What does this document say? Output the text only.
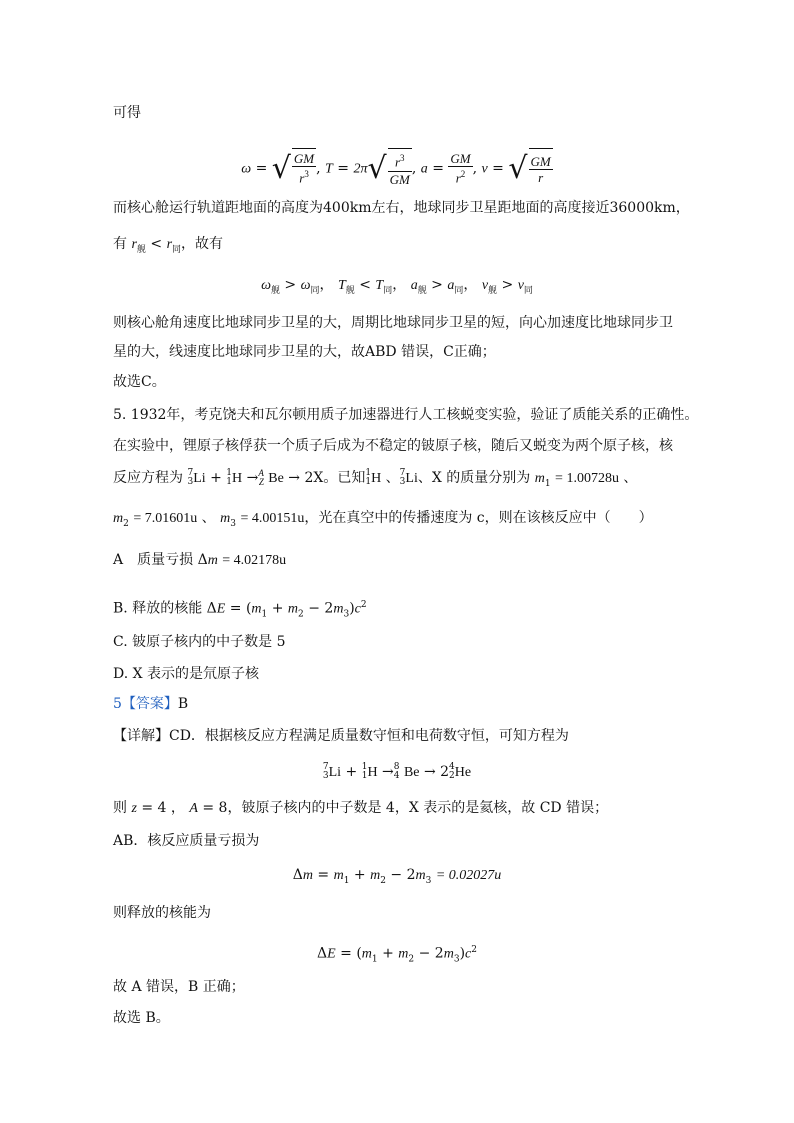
可得
ω = √ $\frac{GM}{r^3}$ , $T = 2\pi√ \frac{r^3}{GM}$ , $a = \frac{GM}{r^2}$ , v = √ $\frac{GM}{r}$
而核心舱运行轨道距地面的高度为400km左右，地球同步卫星距地面的高度接近36000km，
有 $r_舰 < r_同$，故有
$\omega_舰 > \omega_同$， $T_舰 < T_同$， $a_舰 > a_同$， $v_舰 > v_同$
则核心舱角速度比地球同步卫星的大，周期比地球同步卫星的短，向心加速度比地球同步卫
星的大，线速度比地球同步卫星的大，故ABD 错误，C正确；
故选C。
5. 1932年，考克饶夫和瓦尔顿用质子加速器进行人工核蜕变实验，验证了质能关系的正确性。
在实验中，锂原子核俘获一个质子后成为不稳定的铍原子核，随后又蜕变为两个原子核，核
反应方程为 7
3 Li + 1
1 H → A
Z Be → 2X。已知 1
1 H 、 7
3 Li、X 的质量分别为 $m_1 = 1.00728u$ 、
$m_2 = 7.01601u$ 、 $m_3 = 4.00151u$，光在真空中的传播速度为 c，则在该核反应中（　　）
A　质量亏损 Δm = 4.02178u
B. 释放的核能 $\Delta E = (m_1 + m_2 - 2m_3)c^2$
C. 铍原子核内的中子数是 5
D. X 表示的是氘原子核
5【答案】B
【详解】CD．根据核反应方程满足质量数守恒和电荷数守恒，可知方程为
7
3 Li + 1
1 H → 8
4 Be → 2 4
2 He
则 z = 4 ， A = 8，铍原子核内的中子数是 4，X 表示的是氦核，故 CD 错误；
AB．核反应质量亏损为
$\Delta m = m_1 + m_2 - 2m_3 = 0.02027u$
则释放的核能为
$\Delta E = (m_1 + m_2 - 2m_3)c^2$
故 A 错误，B 正确；
故选 B。
